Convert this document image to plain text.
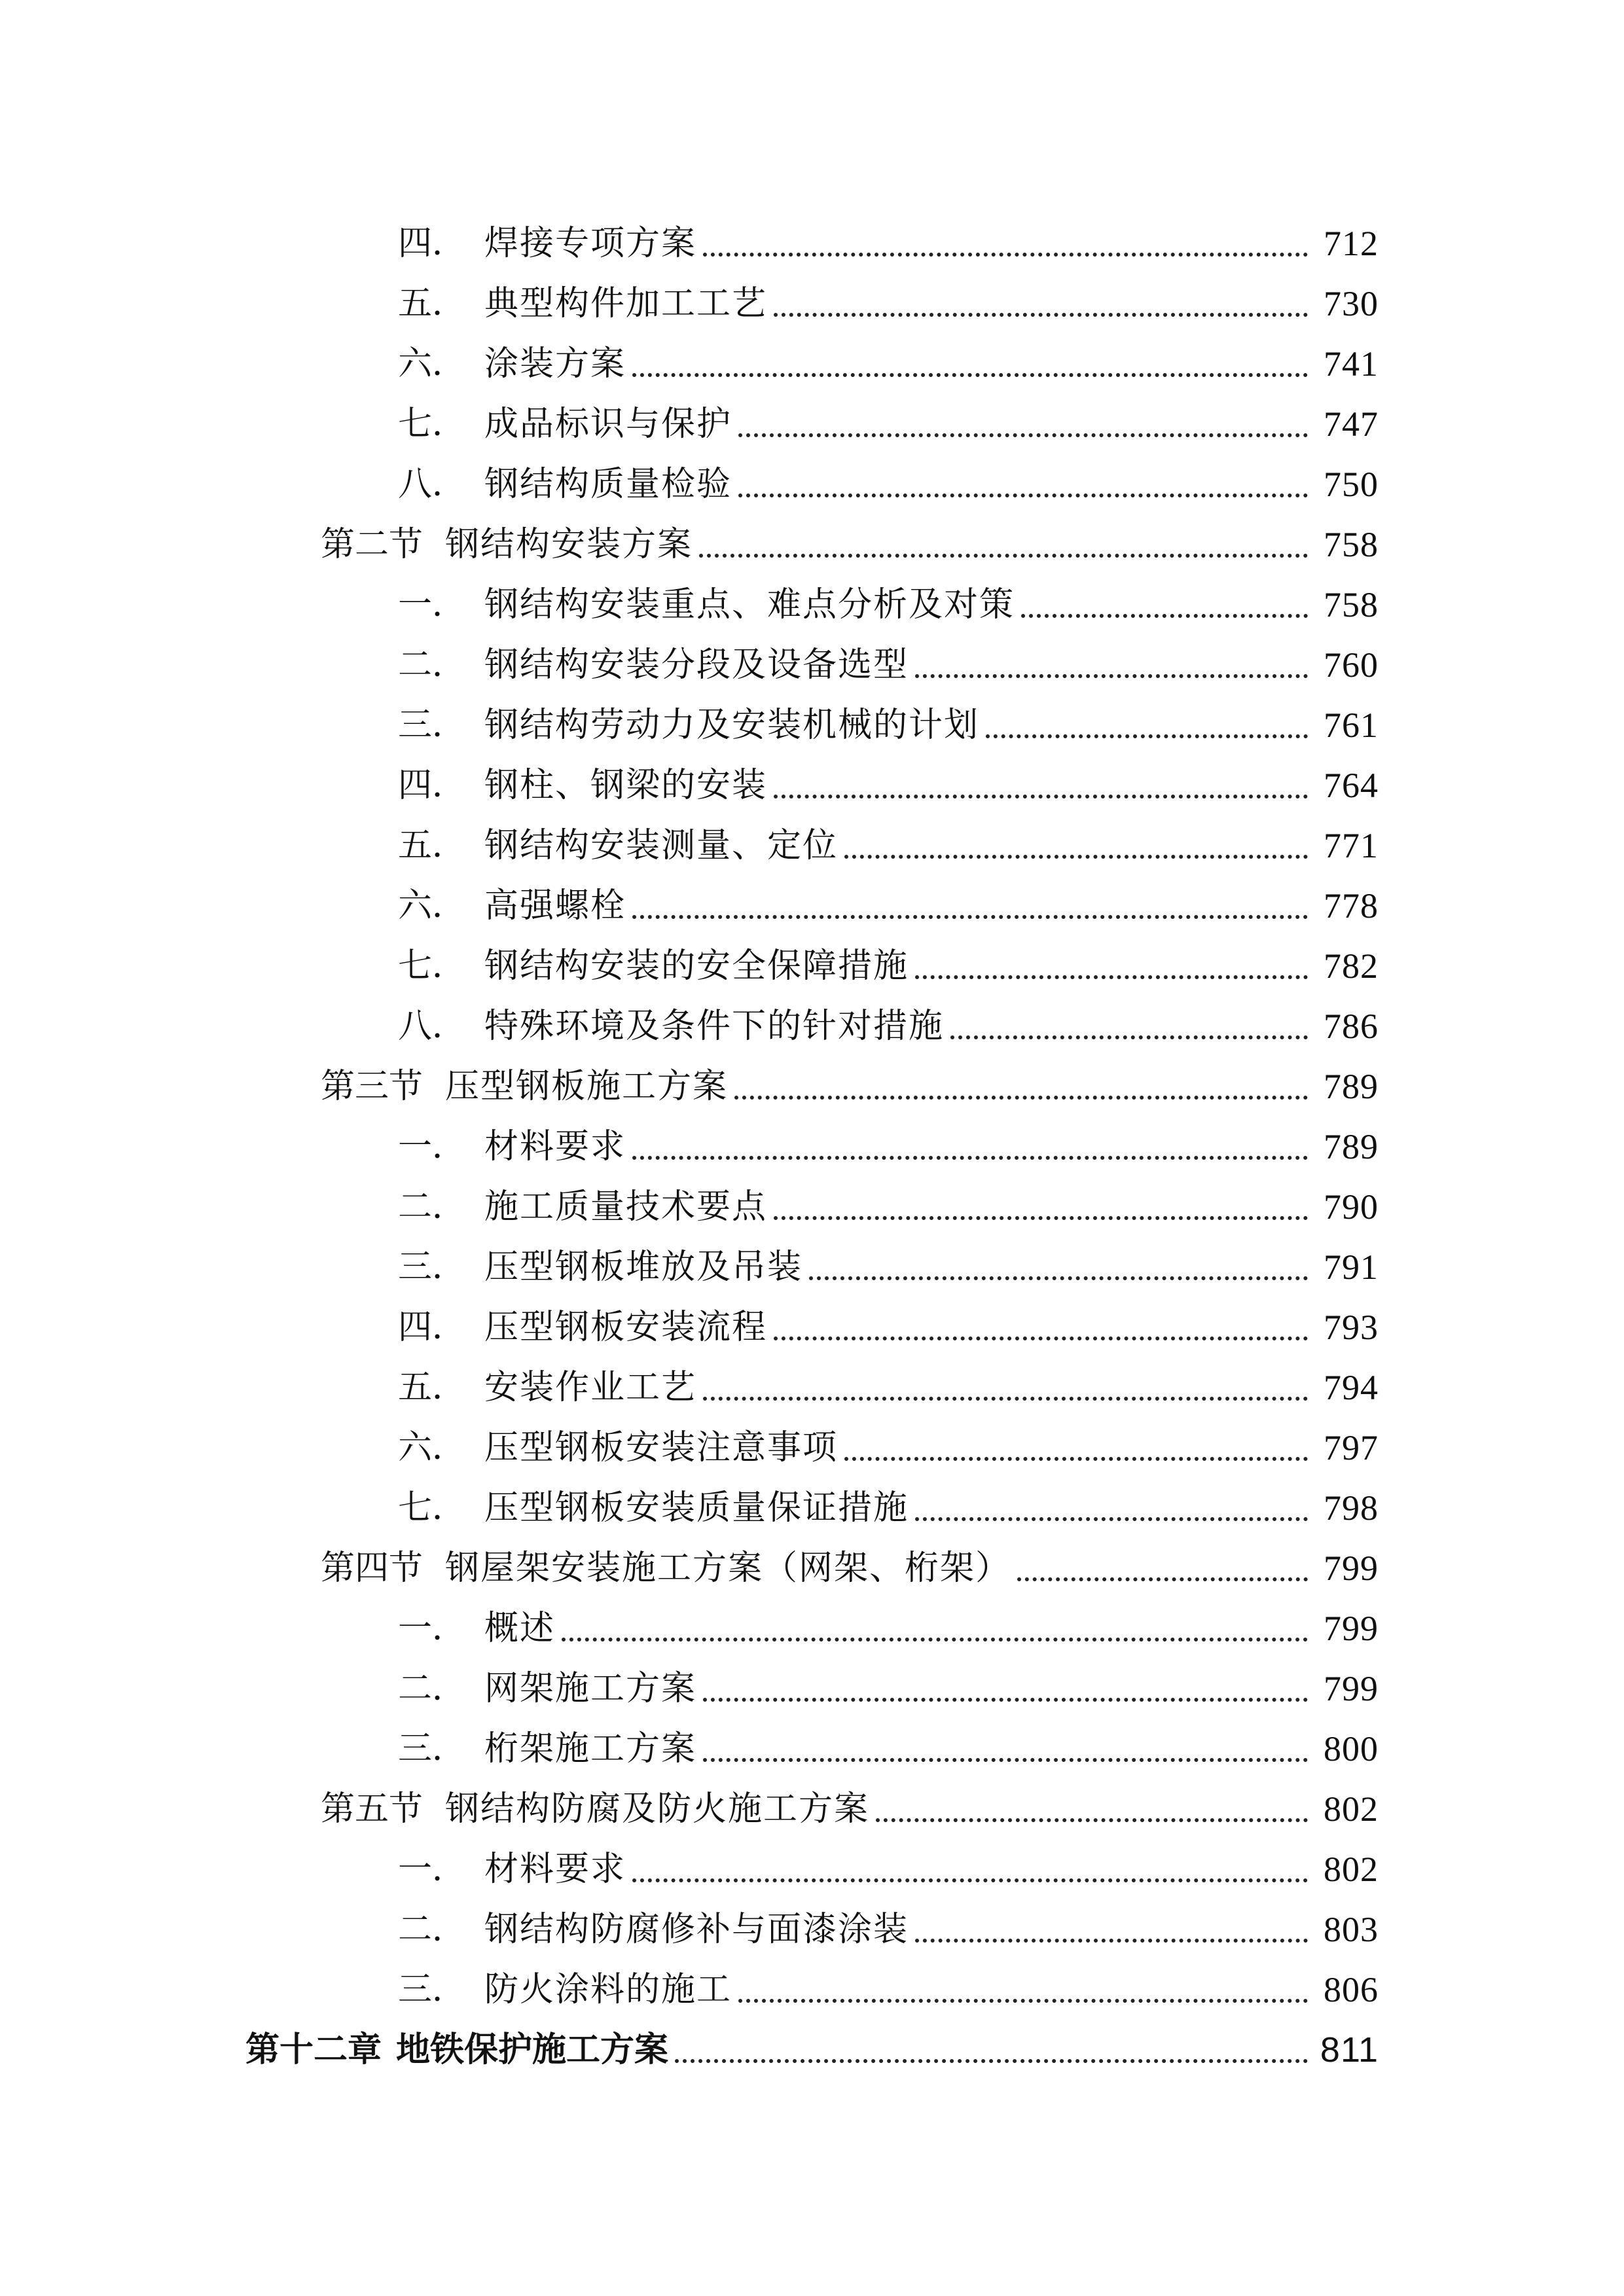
四． 焊接专项方案	712
五． 典型构件加工工艺	730
六． 涂装方案	741
七． 成品标识与保护	747
八． 钢结构质量检验	750
第二节 钢结构安装方案	758
一． 钢结构安装重点、难点分析及对策	758
二． 钢结构安装分段及设备选型	760
三． 钢结构劳动力及安装机械的计划	761
四． 钢柱、钢梁的安装	764
五． 钢结构安装测量、定位	771
六． 高强螺栓	778
七． 钢结构安装的安全保障措施	782
八． 特殊环境及条件下的针对措施	786
第三节 压型钢板施工方案	789
一． 材料要求	789
二． 施工质量技术要点	790
三． 压型钢板堆放及吊装	791
四． 压型钢板安装流程	793
五． 安装作业工艺	794
六． 压型钢板安装注意事项	797
七． 压型钢板安装质量保证措施	798
第四节 钢屋架安装施工方案（网架、桁架）	799
一． 概述	799
二． 网架施工方案	799
三． 桁架施工方案	800
第五节 钢结构防腐及防火施工方案	802
一． 材料要求	802
二． 钢结构防腐修补与面漆涂装	803
三． 防火涂料的施工	806
第十二章 地铁保护施工方案	811
